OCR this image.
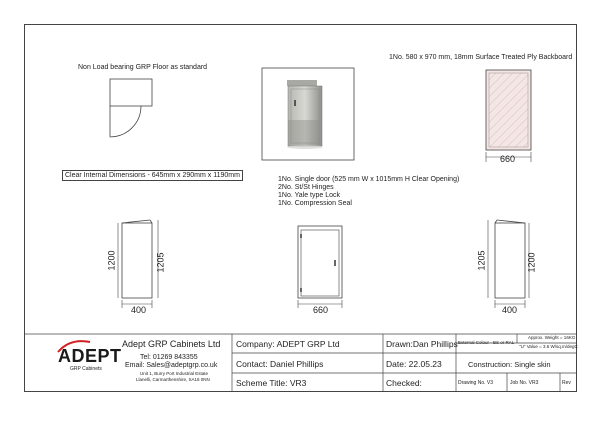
Non Load bearing GRP Floor as standard
1No. 580 x 970 mm, 18mm Surface Treated Ply Backboard
Clear Internal Dimensions - 645mm x 290mm x 1190mm
1No. Single door (525 mm W x 1015mm H Clear Opening)
2No. St/St Hinges
1No. Yale type Lock
1No. Compression Seal
660
1200	1205
400	660
1205	1200
400
ADEPT
GRP Cabinets
Adept GRP Cabinets Ltd
Tel: 01269 843355
Email: Sales@adeptgrp.co.uk
Unit 1, Burry Port Industrial Estate
Llanelli, Carmarthenshire, SA16 0NN
Company: ADEPT GRP Ltd
Contact: Daniel Phillips
Scheme Title: VR3
Drawn:Dan Phillips
Date: 22.05.23
Checked:
External Colour - BS or RAL
Approx. Weight = 16KG
"U" Value = 3.6 W/sq.m/degC
Construction: Single skin
Drawing No. V3	Job No. VR3	Rev
